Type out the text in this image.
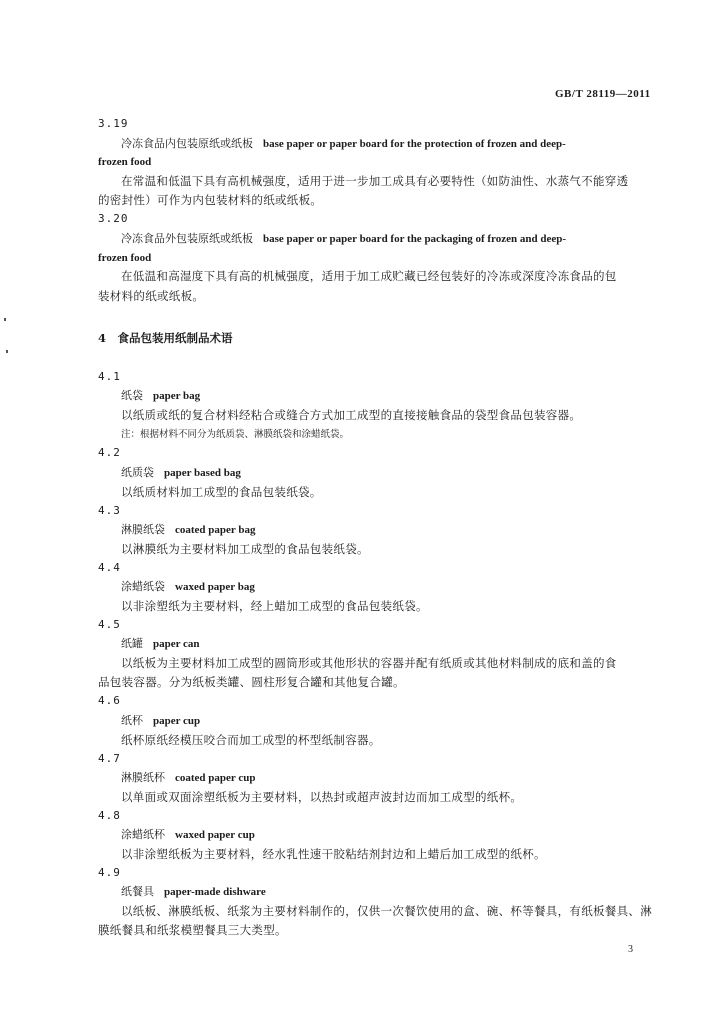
GB/T 28119—2011
3.19
冷冻食品内包装原纸或纸板 base paper or paper board for the protection of frozen and deep-
frozen food
在常温和低温下具有高机械强度，适用于进一步加工成具有必要特性（如防油性、水蒸气不能穿透
的密封性）可作为内包装材料的纸或纸板。
3.20
冷冻食品外包装原纸或纸板 base paper or paper board for the packaging of frozen and deep-
frozen food
在低温和高湿度下具有高的机械强度，适用于加工成贮藏已经包装好的冷冻或深度冷冻食品的包
装材料的纸或纸板。
4　食品包装用纸制品术语
4.1
纸袋 paper bag
以纸质或纸的复合材料经粘合或缝合方式加工成型的直接接触食品的袋型食品包装容器。
注：根据材料不同分为纸质袋、淋膜纸袋和涂蜡纸袋。
4.2
纸质袋 paper based bag
以纸质材料加工成型的食品包装纸袋。
4.3
淋膜纸袋 coated paper bag
以淋膜纸为主要材料加工成型的食品包装纸袋。
4.4
涂蜡纸袋 waxed paper bag
以非涂塑纸为主要材料，经上蜡加工成型的食品包装纸袋。
4.5
纸罐 paper can
以纸板为主要材料加工成型的圆筒形或其他形状的容器并配有纸质或其他材料制成的底和盖的食
品包装容器。分为纸板类罐、圆柱形复合罐和其他复合罐。
4.6
纸杯 paper cup
纸杯原纸经模压咬合而加工成型的杯型纸制容器。
4.7
淋膜纸杯 coated paper cup
以单面或双面涂塑纸板为主要材料，以热封或超声波封边而加工成型的纸杯。
4.8
涂蜡纸杯 waxed paper cup
以非涂塑纸板为主要材料，经水乳性速干胶粘结剂封边和上蜡后加工成型的纸杯。
4.9
纸餐具 paper-made dishware
以纸板、淋膜纸板、纸浆为主要材料制作的，仅供一次餐饮使用的盒、碗、杯等餐具，有纸板餐具、淋
膜纸餐具和纸浆模塑餐具三大类型。
3
